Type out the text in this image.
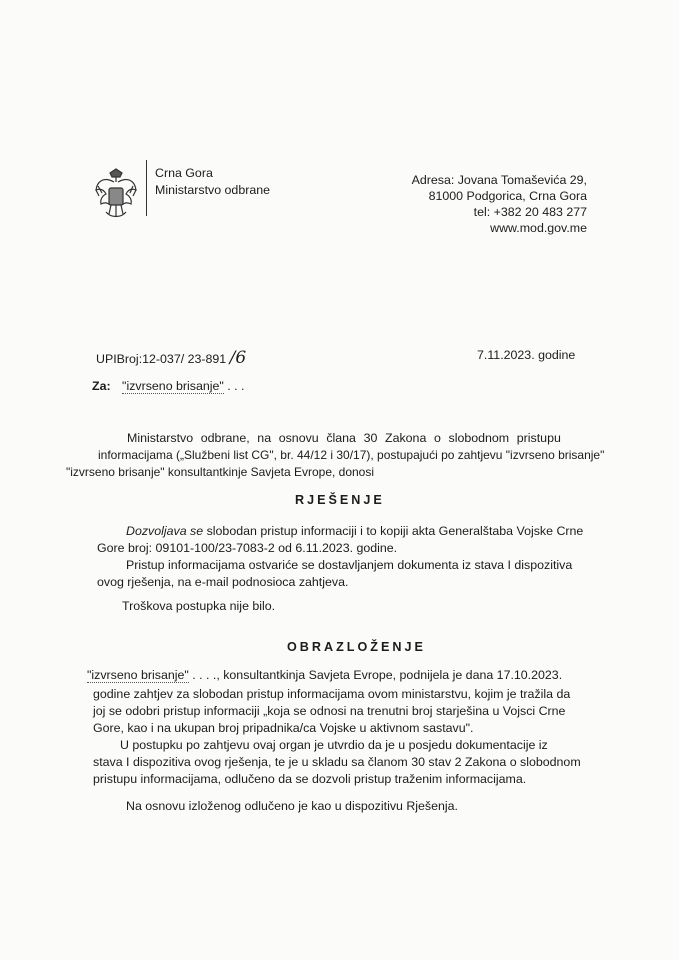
Crna Gora
Ministarstvo odbrane
Adresa: Jovana Tomaševića 29,
81000 Podgorica, Crna Gora
tel: +382 20 483 277
www.mod.gov.me
UPIBroj:12-037/ 23-891 /6	7.11.2023. godine
Za: "izvrseno brisanje" . . .
Ministarstvo odbrane, na osnovu člana 30 Zakona o slobodnom pristupu
informacijama („Službeni list CG", br. 44/12 i 30/17), postupajući po zahtjevu "izvrseno brisanje"
"izvrseno brisanje" konsultantkinje Savjeta Evrope, donosi
RJEŠENJE
Dozvoljava se slobodan pristup informaciji i to kopiji akta Generalštaba Vojske Crne
Gore broj: 09101-100/23-7083-2 od 6.11.2023. godine.
Pristup informacijama ostvariće se dostavljanjem dokumenta iz stava I dispozitiva
ovog rješenja, na e-mail podnosioca zahtjeva.
Troškova postupka nije bilo.
OBRAZLOŽENJE
"izvrseno brisanje" . . . ., konsultantkinja Savjeta Evrope, podnijela je dana 17.10.2023.
godine zahtjev za slobodan pristup informacijama ovom ministarstvu, kojim je tražila da
joj se odobri pristup informaciji „koja se odnosi na trenutni broj starješina u Vojsci Crne
Gore, kao i na ukupan broj pripadnika/ca Vojske u aktivnom sastavu".
U postupku po zahtjevu ovaj organ je utvrdio da je u posjedu dokumentacije iz
stava I dispozitiva ovog rješenja, te je u skladu sa članom 30 stav 2 Zakona o slobodnom
pristupu informacijama, odlučeno da se dozvoli pristup traženim informacijama.
Na osnovu izloženog odlučeno je kao u dispozitivu Rješenja.
